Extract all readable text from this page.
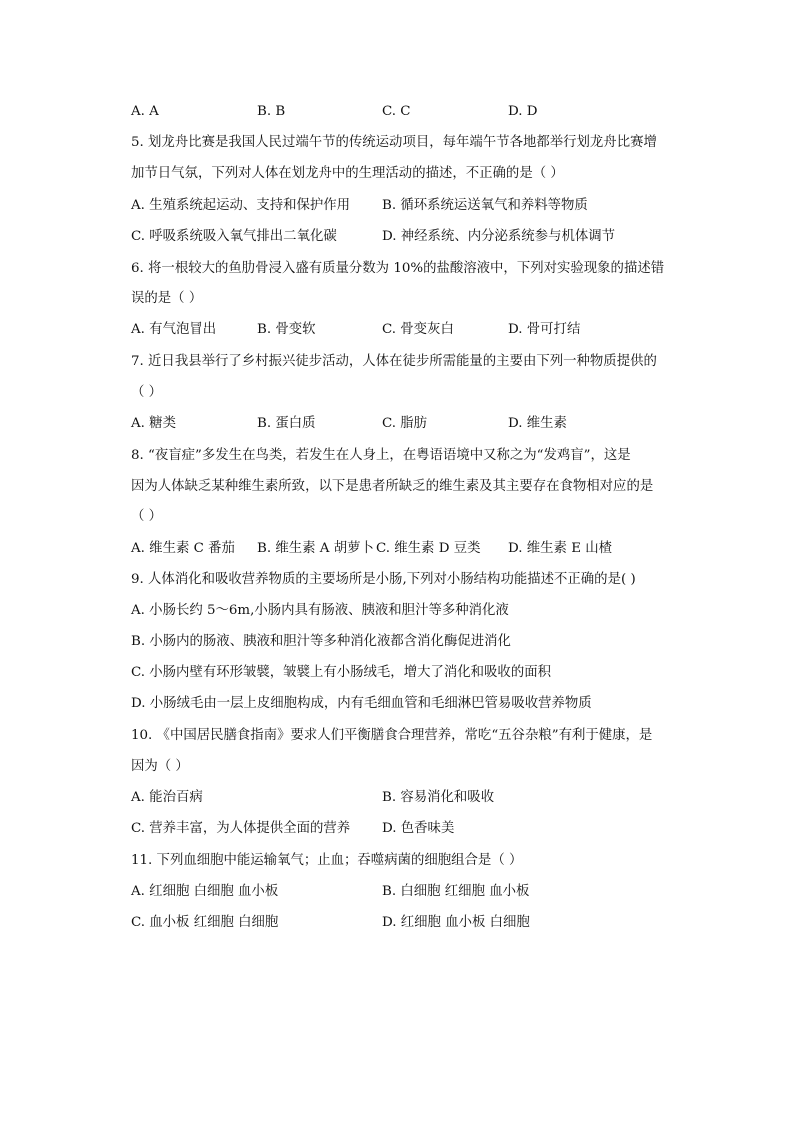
A. A	B. B	C. C	D. D
5. 划龙舟比赛是我国人民过端午节的传统运动项目，每年端午节各地都举行划龙舟比赛增
加节日气氛，下列对人体在划龙舟中的生理活动的描述，不正确的是（ ）
A. 生殖系统起运动、支持和保护作用 B. 循环系统运送氧气和养料等物质
C. 呼吸系统吸入氧气排出二氧化碳	D. 神经系统、内分泌系统参与机体调节
6. 将一根较大的鱼肋骨浸入盛有质量分数为 10%的盐酸溶液中，下列对实验现象的描述错
误的是（ ）
A. 有气泡冒出	B. 骨变软	C. 骨变灰白	D. 骨可打结
7. 近日我县举行了乡村振兴徒步活动，人体在徒步所需能量的主要由下列一种物质提供的
（ ）
A. 糖类	B. 蛋白质	C. 脂肪	D. 维生素
8. “夜盲症”多发生在鸟类，若发生在人身上，在粤语语境中又称之为“发鸡盲”，这是
因为人体缺乏某种维生素所致，以下是患者所缺乏的维生素及其主要存在食物相对应的是
（ ）
A. 维生素 C 番茄 B. 维生素 A 胡萝卜 C. 维生素 D 豆类 D. 维生素 E 山楂
9. 人体消化和吸收营养物质的主要场所是小肠,下列对小肠结构功能描述不正确的是( )
A. 小肠长约 5～6m,小肠内具有肠液、胰液和胆汁等多种消化液
B. 小肠内的肠液、胰液和胆汁等多种消化液都含消化酶促进消化
C. 小肠内壁有环形皱襞，皱襞上有小肠绒毛，增大了消化和吸收的面积
D. 小肠绒毛由一层上皮细胞构成，内有毛细血管和毛细淋巴管易吸收营养物质
10. 《中国居民膳食指南》要求人们平衡膳食合理营养，常吃“五谷杂粮”有利于健康，是
因为（ ）
A. 能治百病	B. 容易消化和吸收
C. 营养丰富，为人体提供全面的营养 D. 色香味美
11. 下列血细胞中能运输氧气；止血；吞噬病菌的细胞组合是（ ）
A. 红细胞 白细胞 血小板	B. 白细胞 红细胞 血小板
C. 血小板 红细胞 白细胞	D. 红细胞 血小板 白细胞
